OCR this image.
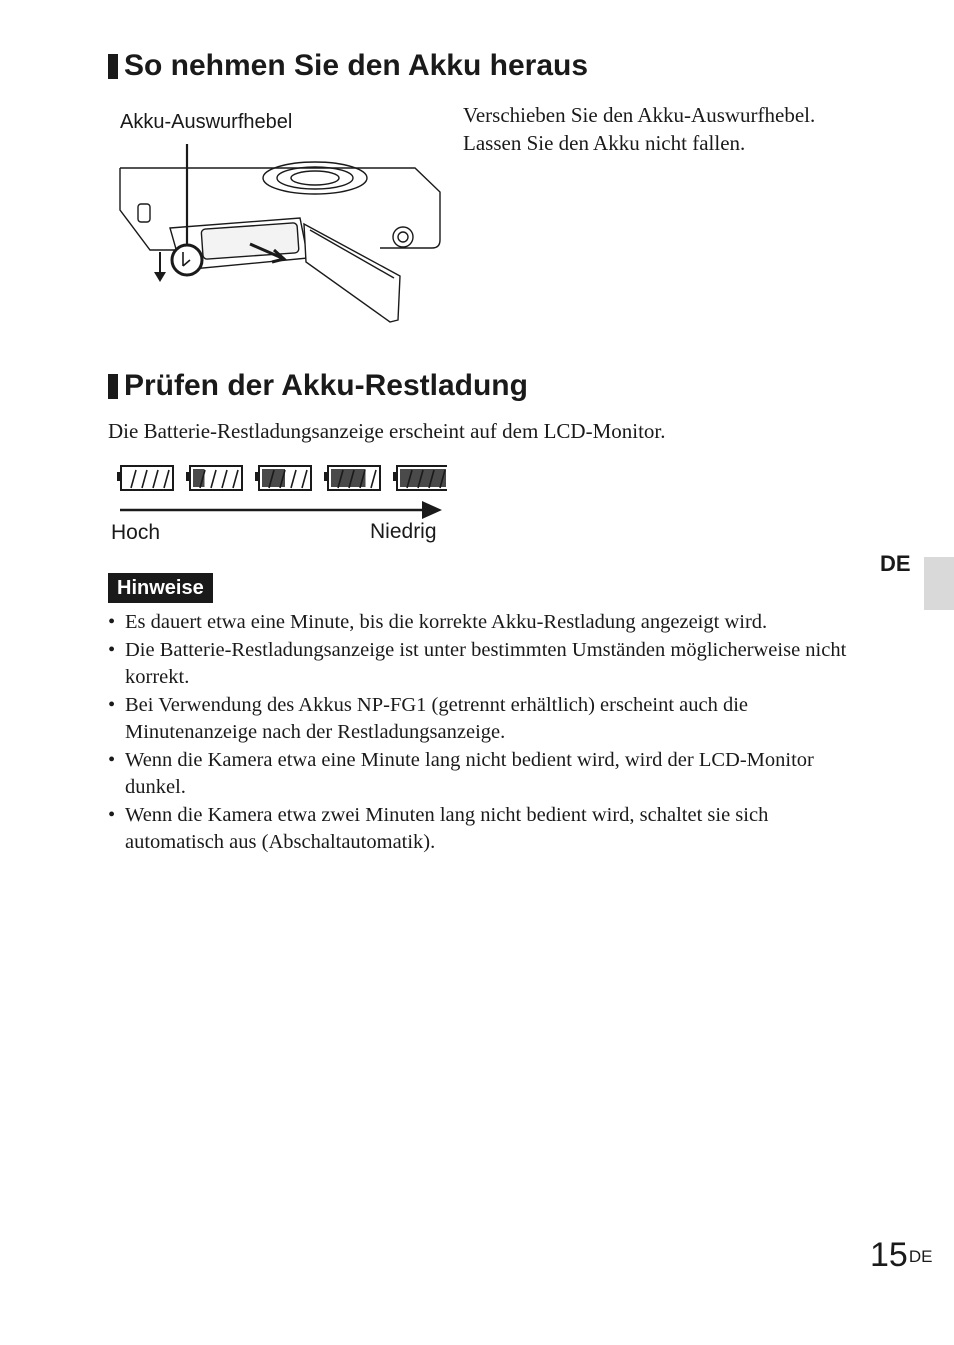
So nehmen Sie den Akku heraus
Akku-Auswurfhebel	Verschieben Sie den Akku-Auswurfhebel. Lassen Sie den Akku nicht fallen.
Prüfen der Akku-Restladung
Die Batterie-Restladungsanzeige erscheint auf dem LCD-Monitor.
Hoch	Niedrig
Hinweise
• Es dauert etwa eine Minute, bis die korrekte Akku-Restladung angezeigt wird.
• Die Batterie-Restladungsanzeige ist unter bestimmten Umständen möglicherweise nicht korrekt.
• Bei Verwendung des Akkus NP-FG1 (getrennt erhältlich) erscheint auch die Minutenanzeige nach der Restladungsanzeige.
• Wenn die Kamera etwa eine Minute lang nicht bedient wird, wird der LCD-Monitor dunkel.
• Wenn die Kamera etwa zwei Minuten lang nicht bedient wird, schaltet sie sich automatisch aus (Abschaltautomatik).
DE
15DE
